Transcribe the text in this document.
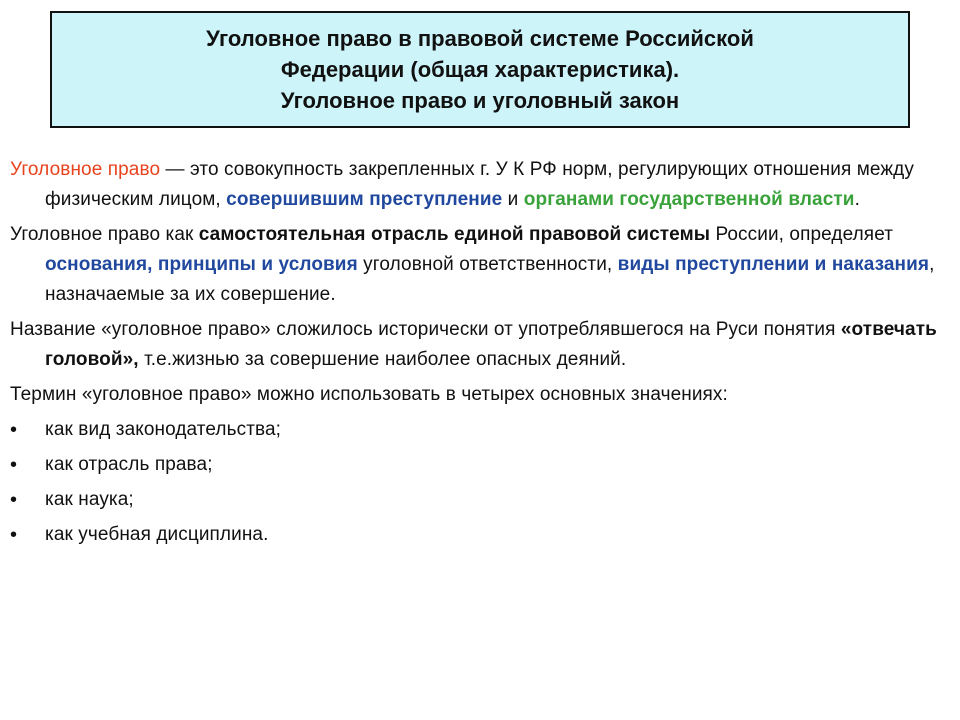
Уголовное право в правовой системе Российской
Федерации (общая характеристика).
Уголовное право и уголовный закон

Уголовное право — это совокупность закрепленных г. У К РФ норм, регулирующих отношения между физическим лицом, совершившим преступление и органами государственной власти.

Уголовное право как самостоятельная отрасль единой правовой системы России, определяет основания, принципы и условия уголовной ответственности, виды преступлении и наказания, назначаемые за их совершение.

Название «уголовное право» сложилось исторически от употреблявшегося на Руси понятия «отвечать головой», т.е.жизнью за совершение наиболее опасных деяний.

Термин «уголовное право» можно использовать в четырех основных значениях:

• как вид законодательства;
• как отрасль права;
• как наука;
• как учебная дисциплина.
